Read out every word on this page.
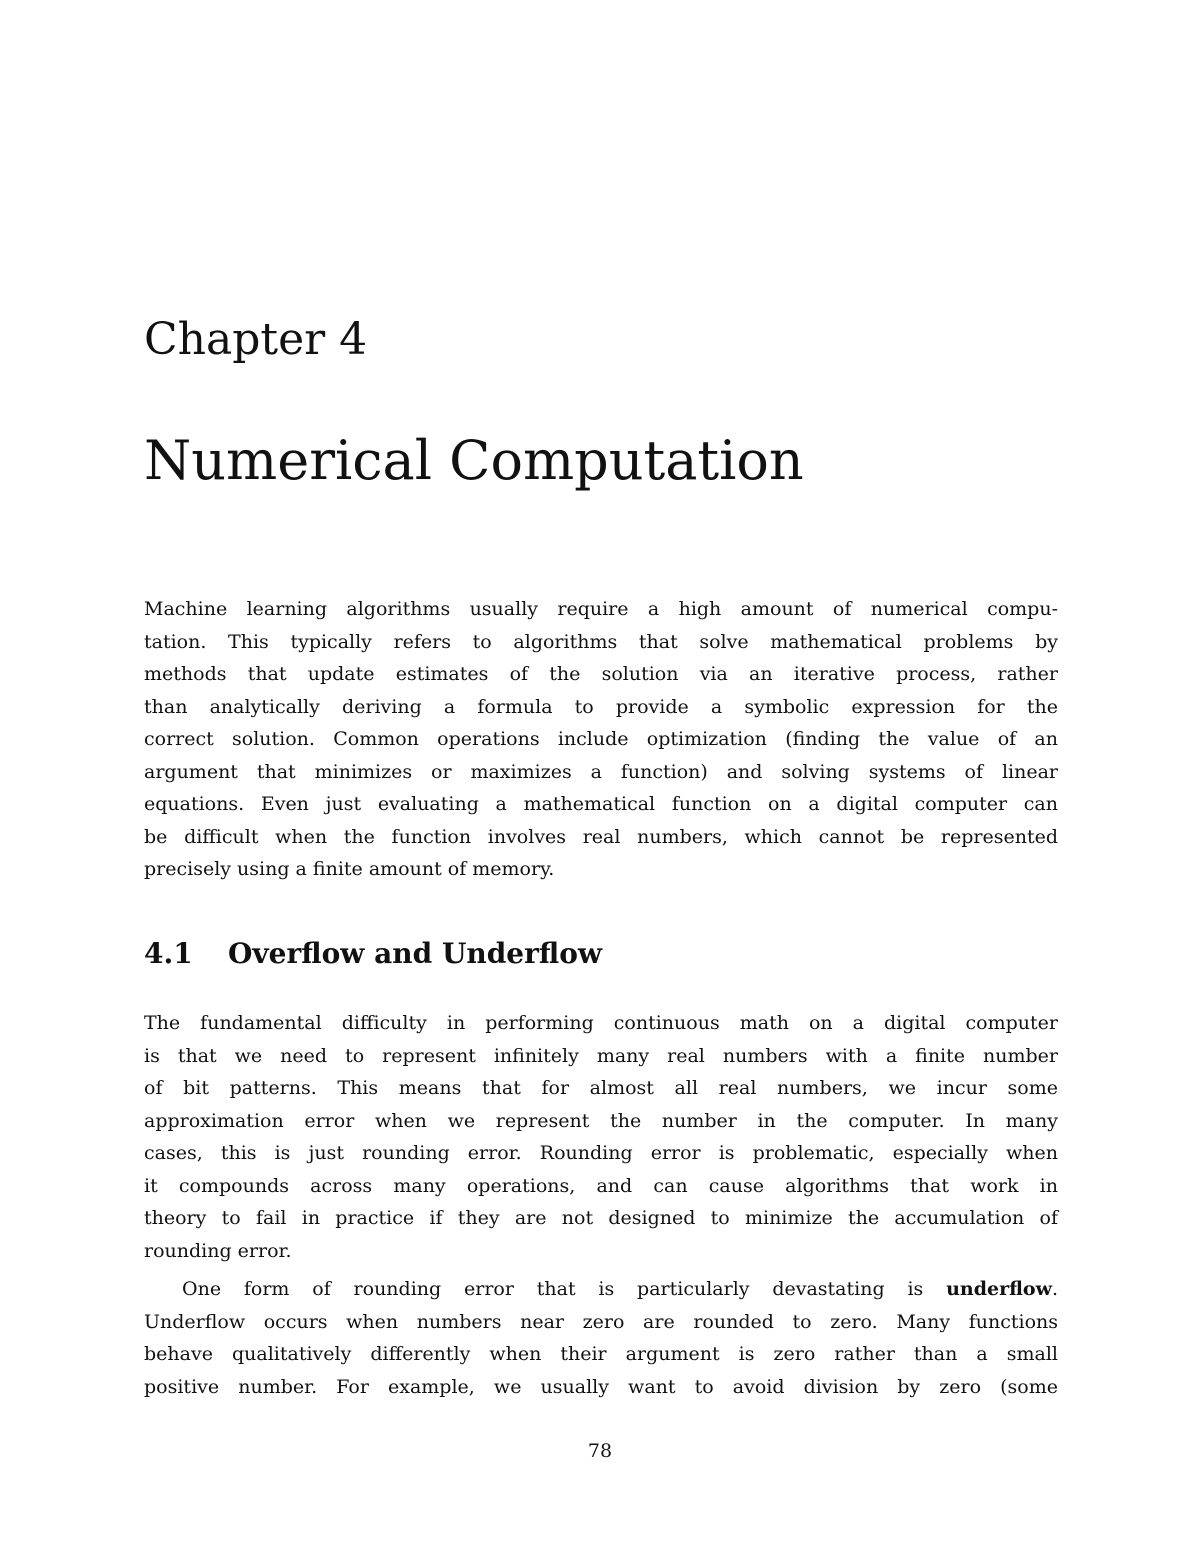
Chapter 4
Numerical Computation
Machine learning algorithms usually require a high amount of numerical compu-
tation. This typically refers to algorithms that solve mathematical problems by
methods that update estimates of the solution via an iterative process, rather
than analytically deriving a formula to provide a symbolic expression for the
correct solution. Common operations include optimization (finding the value of an
argument that minimizes or maximizes a function) and solving systems of linear
equations. Even just evaluating a mathematical function on a digital computer can
be difficult when the function involves real numbers, which cannot be represented
precisely using a finite amount of memory.
4.1 Overflow and Underflow
The fundamental difficulty in performing continuous math on a digital computer
is that we need to represent infinitely many real numbers with a finite number
of bit patterns. This means that for almost all real numbers, we incur some
approximation error when we represent the number in the computer. In many
cases, this is just rounding error. Rounding error is problematic, especially when
it compounds across many operations, and can cause algorithms that work in
theory to fail in practice if they are not designed to minimize the accumulation of
rounding error.
One form of rounding error that is particularly devastating is underflow.
Underflow occurs when numbers near zero are rounded to zero. Many functions
behave qualitatively differently when their argument is zero rather than a small
positive number. For example, we usually want to avoid division by zero (some
78
